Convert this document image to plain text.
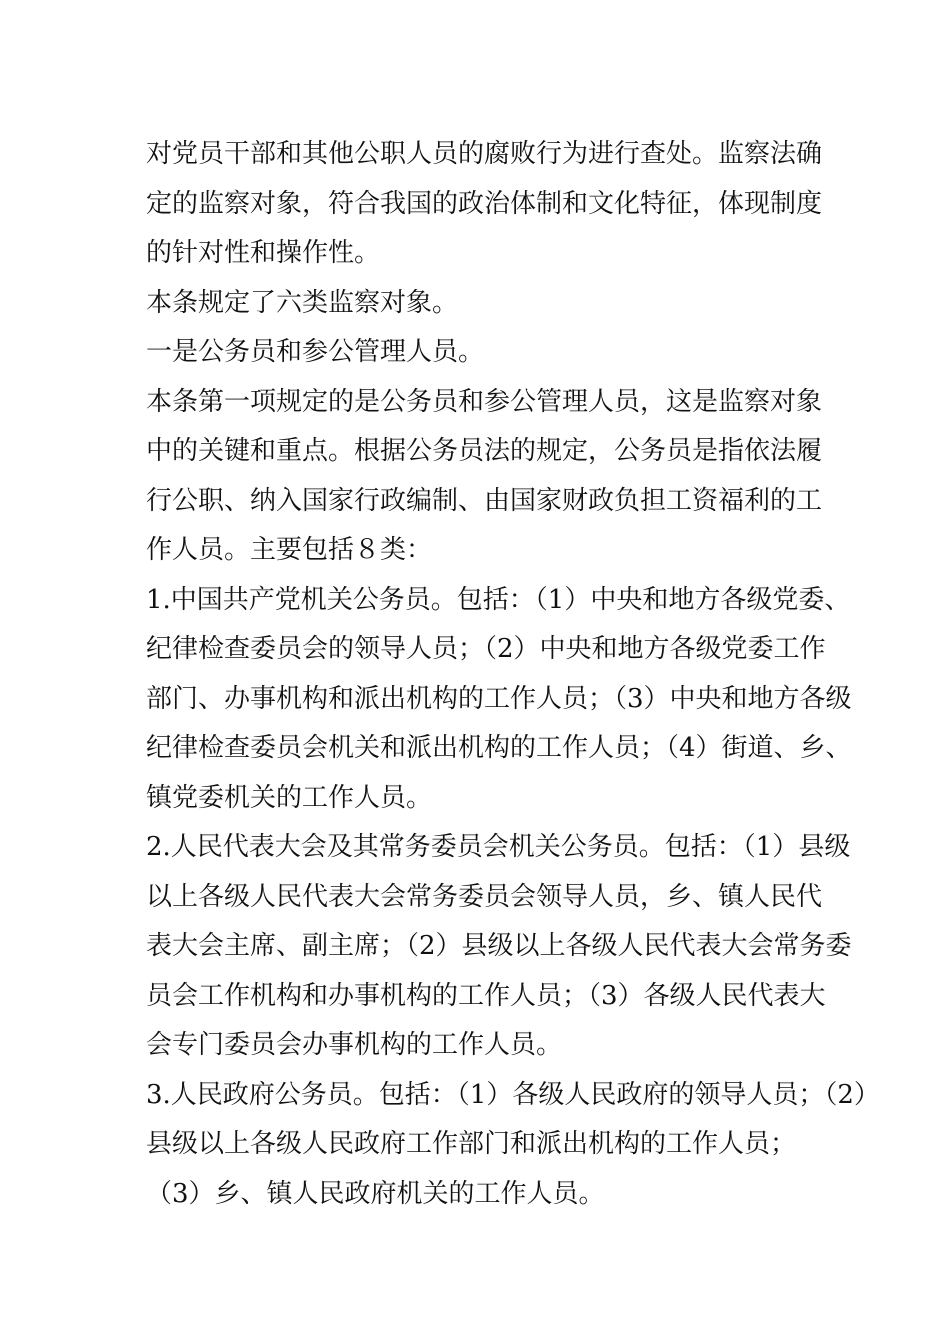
对党员干部和其他公职人员的腐败行为进行查处。监察法确
定的监察对象，符合我国的政治体制和文化特征，体现制度
的针对性和操作性。
本条规定了六类监察对象。
一是公务员和参公管理人员。
本条第一项规定的是公务员和参公管理人员，这是监察对象
中的关键和重点。根据公务员法的规定，公务员是指依法履
行公职、纳入国家行政编制、由国家财政负担工资福利的工
作人员。主要包括８类：
1.中国共产党机关公务员。包括：（1）中央和地方各级党委、
纪律检查委员会的领导人员；（2）中央和地方各级党委工作
部门、办事机构和派出机构的工作人员；（3）中央和地方各级
纪律检查委员会机关和派出机构的工作人员；（4）街道、乡、
镇党委机关的工作人员。
2.人民代表大会及其常务委员会机关公务员。包括：（1）县级
以上各级人民代表大会常务委员会领导人员，乡、镇人民代
表大会主席、副主席；（2）县级以上各级人民代表大会常务委
员会工作机构和办事机构的工作人员；（3）各级人民代表大
会专门委员会办事机构的工作人员。
3.人民政府公务员。包括：（1）各级人民政府的领导人员；（2）
县级以上各级人民政府工作部门和派出机构的工作人员；
（3）乡、镇人民政府机关的工作人员。
